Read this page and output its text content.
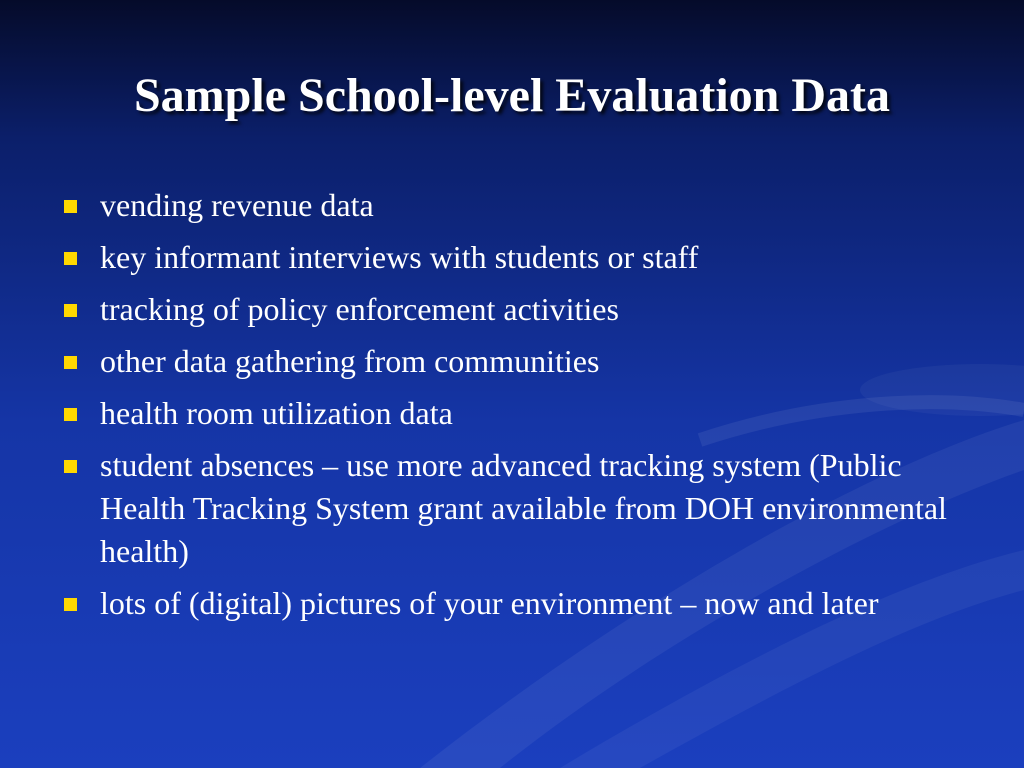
Sample School-level Evaluation Data
vending revenue data
key informant interviews with students or staff
tracking of policy enforcement activities
other data gathering from communities
health room utilization data
student absences – use more advanced tracking system (Public Health Tracking System grant available from DOH environmental health)
lots of (digital) pictures of your environment – now and later
